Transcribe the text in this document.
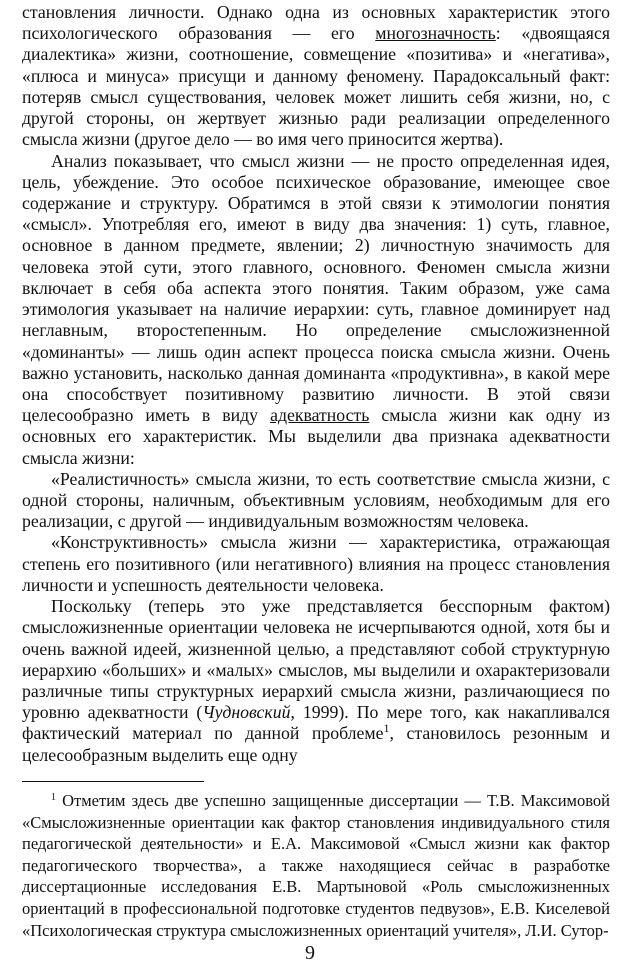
становления личности. Однако одна из основных характеристик этого психологического образования — его многозначность: «двоящаяся диалектика» жизни, соотношение, совмещение «позитива» и «негатива», «плюса и минуса» присущи и данному феномену. Парадоксальный факт: потеряв смысл существования, человек может лишить себя жизни, но, с другой стороны, он жертвует жизнью ради реализации определенного смысла жизни (другое дело — во имя чего приносится жертва).

Анализ показывает, что смысл жизни — не просто определенная идея, цель, убеждение. Это особое психическое образование, имеющее свое содержание и структуру. Обратимся в этой связи к этимологии понятия «смысл». Употребляя его, имеют в виду два значения: 1) суть, главное, основное в данном предмете, явлении; 2) личностную значимость для человека этой сути, этого главного, основного. Феномен смысла жизни включает в себя оба аспекта этого понятия. Таким образом, уже сама этимология указывает на наличие иерархии: суть, главное доминирует над неглавным, второстепенным. Но определение смысложизненной «доминанты» — лишь один аспект процесса поиска смысла жизни. Очень важно установить, насколько данная доминанта «продуктивна», в какой мере она способствует позитивному развитию личности. В этой связи целесообразно иметь в виду адекватность смысла жизни как одну из основных его характеристик. Мы выделили два признака адекватности смысла жизни:

«Реалистичность» смысла жизни, то есть соответствие смысла жизни, с одной стороны, наличным, объективным условиям, необходимым для его реализации, с другой — индивидуальным возможностям человека.

«Конструктивность» смысла жизни — характеристика, отражающая степень его позитивного (или негативного) влияния на процесс становления личности и успешность деятельности человека.

Поскольку (теперь это уже представляется бесспорным фактом) смысложизненные ориентации человека не исчерпываются одной, хотя бы и очень важной идеей, жизненной целью, а представляют собой структурную иерархию «больших» и «малых» смыслов, мы выделили и охарактеризовали различные типы структурных иерархий смысла жизни, различающиеся по уровню адекватности (Чудновский, 1999). По мере того, как накапливался фактический материал по данной проблеме$^1$, становилось резонным и целесообразным выделить еще одну

$^1$ Отметим здесь две успешно защищенные диссертации — Т.В. Максимовой «Смысложизненные ориентации как фактор становления индивидуального стиля педагогической деятельности» и Е.А. Максимовой «Смысл жизни как фактор педагогического творчества», а также находящиеся сейчас в разработке диссертационные исследования Е.В. Мартыновой «Роль смысложизненных ориентаций в профессиональной подготовке студентов педвузов», Е.В. Киселевой «Психологическая структура смысложизненных ориентаций учителя», Л.И. Сутор-

9
